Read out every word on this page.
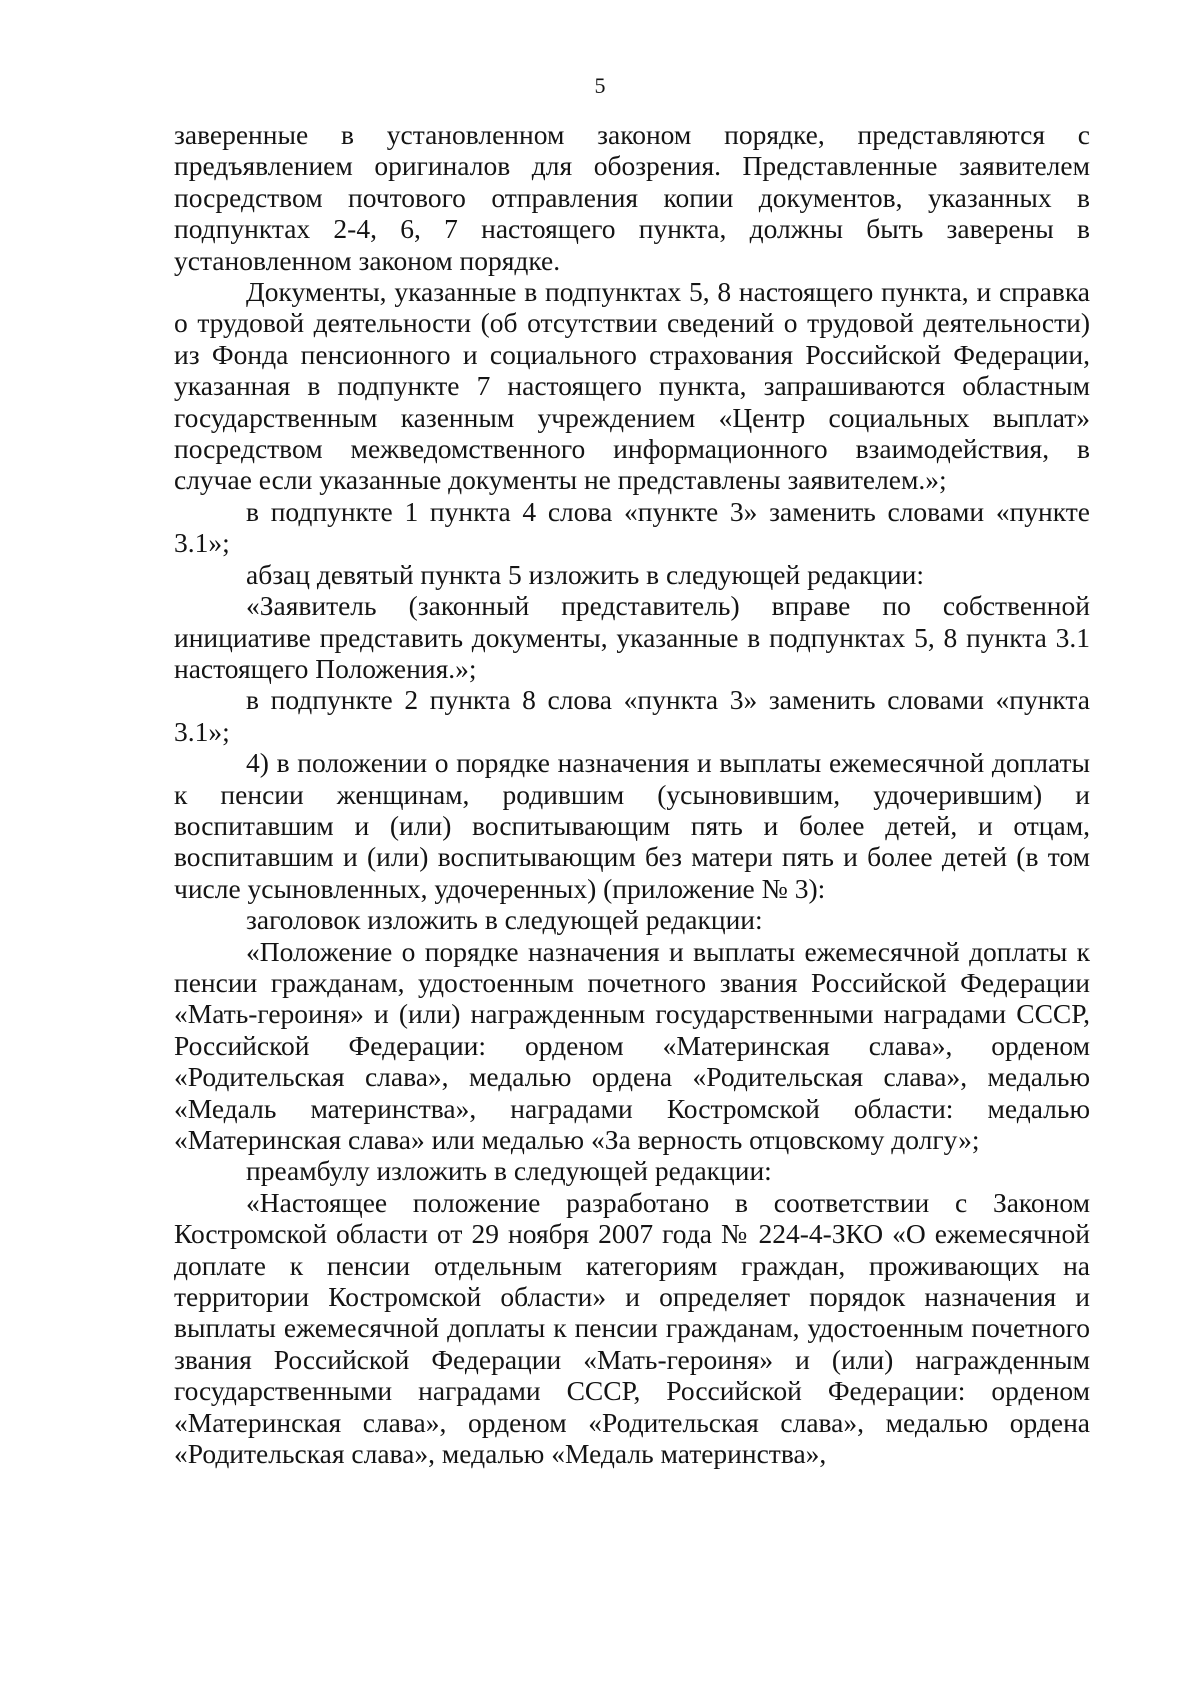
5

заверенные в установленном законом порядке, представляются с предъявлением оригиналов для обозрения. Представленные заявителем посредством почтового отправления копии документов, указанных в подпунктах 2-4, 6, 7 настоящего пункта, должны быть заверены в установленном законом порядке.

Документы, указанные в подпунктах 5, 8 настоящего пункта, и справка о трудовой деятельности (об отсутствии сведений о трудовой деятельности) из Фонда пенсионного и социального страхования Российской Федерации, указанная в подпункте 7 настоящего пункта, запрашиваются областным государственным казенным учреждением «Центр социальных выплат» посредством межведомственного информационного взаимодействия, в случае если указанные документы не представлены заявителем.»;

в подпункте 1 пункта 4 слова «пункте 3» заменить словами «пункте 3.1»;

абзац девятый пункта 5 изложить в следующей редакции:

«Заявитель (законный представитель) вправе по собственной инициативе представить документы, указанные в подпунктах 5, 8 пункта 3.1 настоящего Положения.»;

в подпункте 2 пункта 8 слова «пункта 3» заменить словами «пункта 3.1»;

4) в положении о порядке назначения и выплаты ежемесячной доплаты к пенсии женщинам, родившим (усыновившим, удочерившим) и воспитавшим и (или) воспитывающим пять и более детей, и отцам, воспитавшим и (или) воспитывающим без матери пять и более детей (в том числе усыновленных, удочеренных) (приложение № 3):

заголовок изложить в следующей редакции:

«Положение о порядке назначения и выплаты ежемесячной доплаты к пенсии гражданам, удостоенным почетного звания Российской Федерации «Мать-героиня» и (или) награжденным государственными наградами СССР, Российской Федерации: орденом «Материнская слава», орденом «Родительская слава», медалью ордена «Родительская слава», медалью «Медаль материнства», наградами Костромской области: медалью «Материнская слава» или медалью «За верность отцовскому долгу»;

преамбулу изложить в следующей редакции:

«Настоящее положение разработано в соответствии с Законом Костромской области от 29 ноября 2007 года № 224-4-ЗКО «О ежемесячной доплате к пенсии отдельным категориям граждан, проживающих на территории Костромской области» и определяет порядок назначения и выплаты ежемесячной доплаты к пенсии гражданам, удостоенным почетного звания Российской Федерации «Мать-героиня» и (или) награжденным государственными наградами СССР, Российской Федерации: орденом «Материнская слава», орденом «Родительская слава», медалью ордена «Родительская слава», медалью «Медаль материнства»,
